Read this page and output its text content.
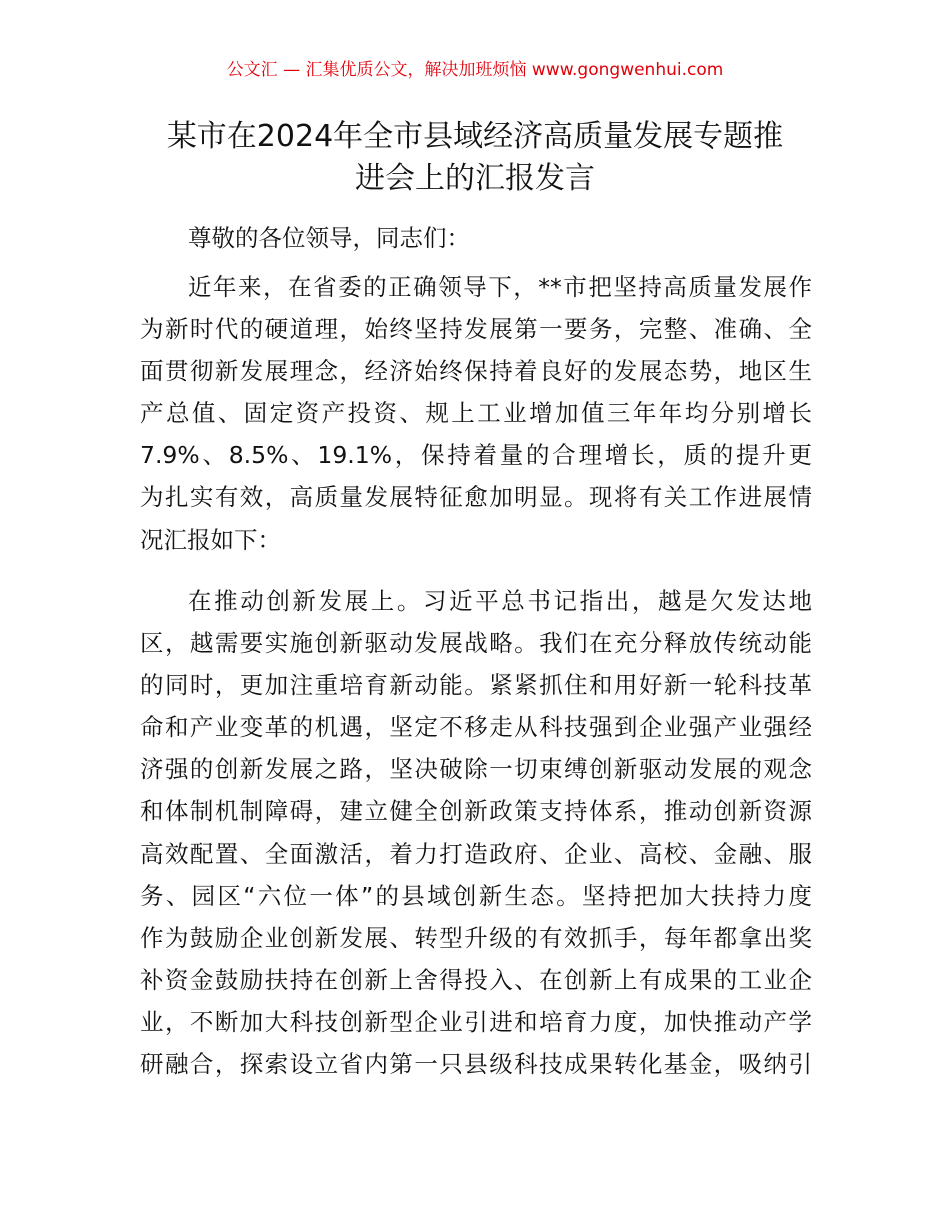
公文汇 — 汇集优质公文，解决加班烦恼 www.gongwenhui.com
某市在2024年全市县域经济高质量发展专题推
进会上的汇报发言
尊敬的各位领导，同志们：
近年来，在省委的正确领导下，**市把坚持高质量发展作
为新时代的硬道理，始终坚持发展第一要务，完整、准确、全
面贯彻新发展理念，经济始终保持着良好的发展态势，地区生
产总值、固定资产投资、规上工业增加值三年年均分别增长
7.9%、8.5%、19.1%，保持着量的合理增长，质的提升更
为扎实有效，高质量发展特征愈加明显。现将有关工作进展情
况汇报如下：
在推动创新发展上。习近平总书记指出，越是欠发达地
区，越需要实施创新驱动发展战略。我们在充分释放传统动能
的同时，更加注重培育新动能。紧紧抓住和用好新一轮科技革
命和产业变革的机遇，坚定不移走从科技强到企业强产业强经
济强的创新发展之路，坚决破除一切束缚创新驱动发展的观念
和体制机制障碍，建立健全创新政策支持体系，推动创新资源
高效配置、全面激活，着力打造政府、企业、高校、金融、服
务、园区“六位一体”的县域创新生态。坚持把加大扶持力度
作为鼓励企业创新发展、转型升级的有效抓手，每年都拿出奖
补资金鼓励扶持在创新上舍得投入、在创新上有成果的工业企
业，不断加大科技创新型企业引进和培育力度，加快推动产学
研融合，探索设立省内第一只县级科技成果转化基金，吸纳引
